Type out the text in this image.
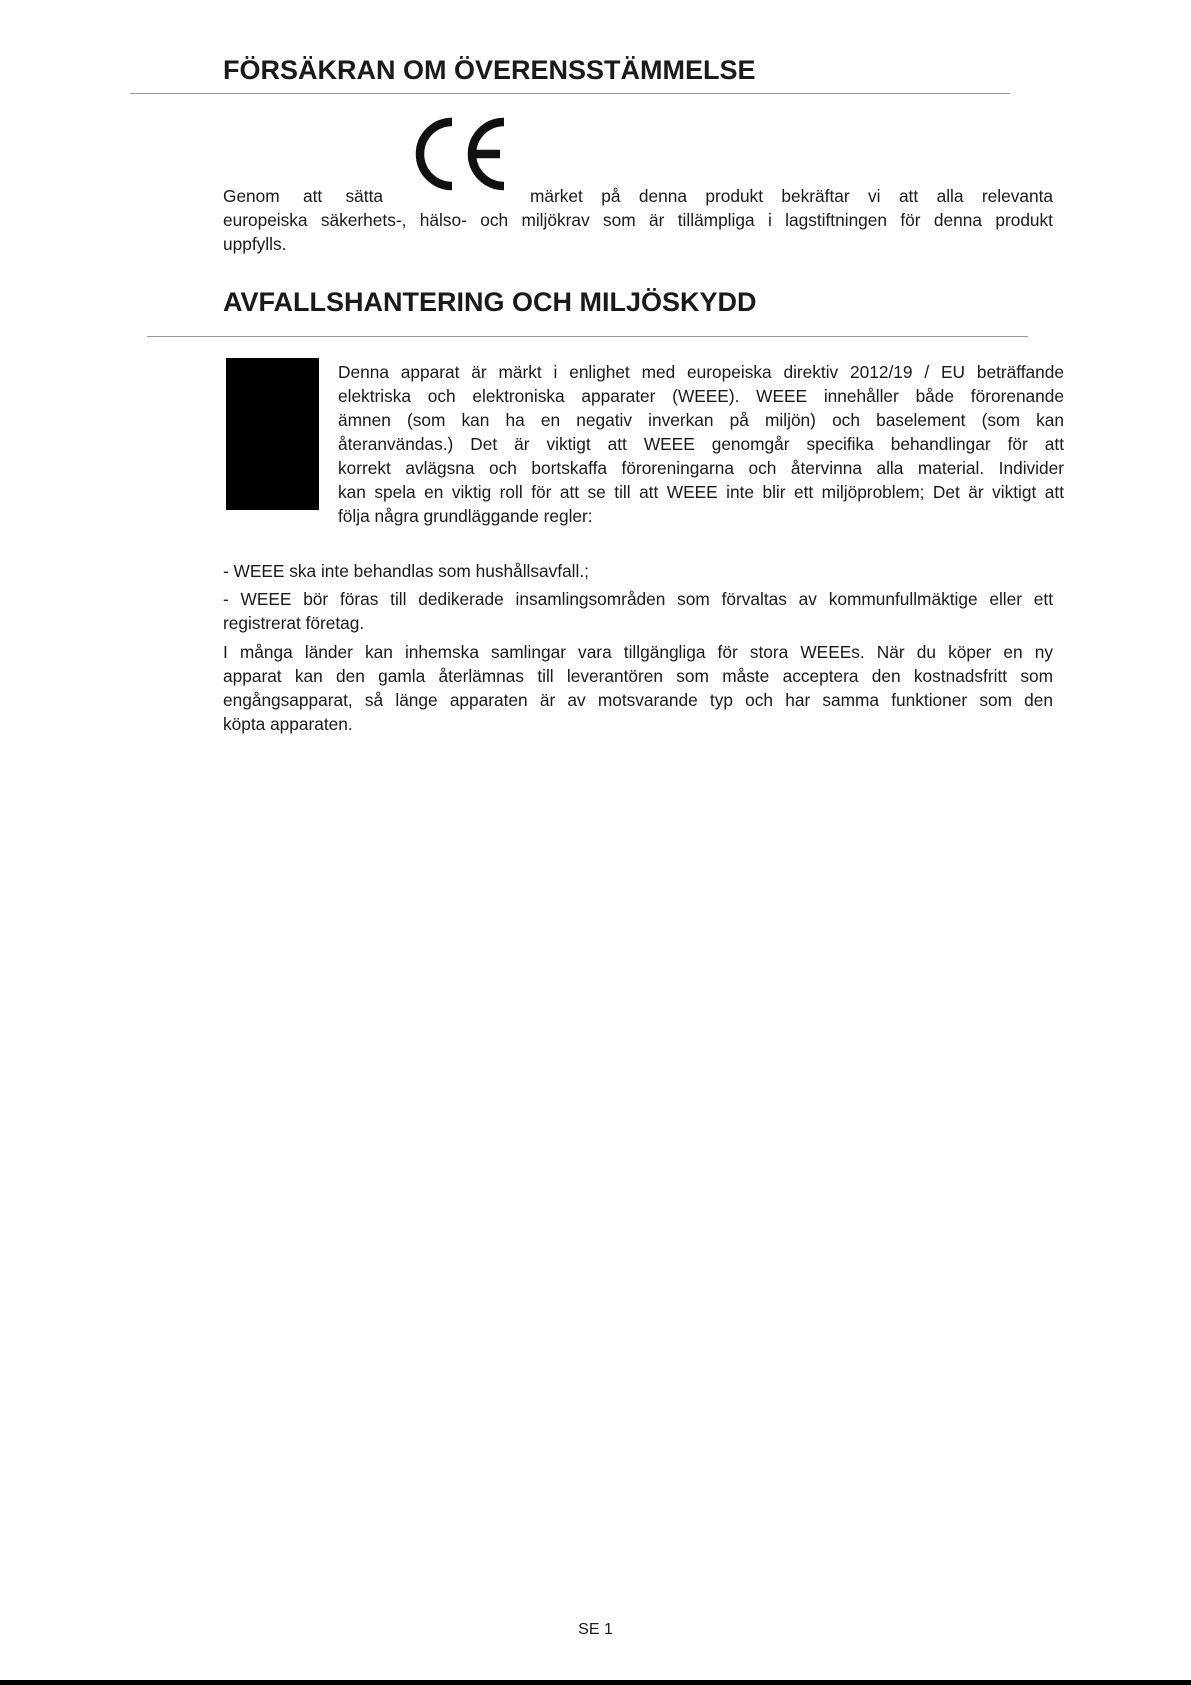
FÖRSÄKRAN OM ÖVERENSSTÄMMELSE
Genom att sätta	märket på denna produkt bekräftar vi att alla relevanta
europeiska säkerhets-, hälso- och miljökrav som är tillämpliga i lagstiftningen för denna produkt
uppfylls.
AVFALLSHANTERING OCH MILJÖSKYDD
Denna apparat är märkt i enlighet med europeiska direktiv 2012/19 / EU beträffande
elektriska och elektroniska apparater (WEEE). WEEE innehåller både förorenande
ämnen (som kan ha en negativ inverkan på miljön) och baselement (som kan
återanvändas.) Det är viktigt att WEEE genomgår specifika behandlingar för att
korrekt avlägsna och bortskaffa föroreningarna och återvinna alla material. Individer
kan spela en viktig roll för att se till att WEEE inte blir ett miljöproblem; Det är viktigt att
följa några grundläggande regler:
- WEEE ska inte behandlas som hushållsavfall.;
- WEEE bör föras till dedikerade insamlingsområden som förvaltas av kommunfullmäktige eller ett
registrerat företag.
I många länder kan inhemska samlingar vara tillgängliga för stora WEEEs. När du köper en ny
apparat kan den gamla återlämnas till leverantören som måste acceptera den kostnadsfritt som
engångsapparat, så länge apparaten är av motsvarande typ och har samma funktioner som den
köpta apparaten.
SE 1
